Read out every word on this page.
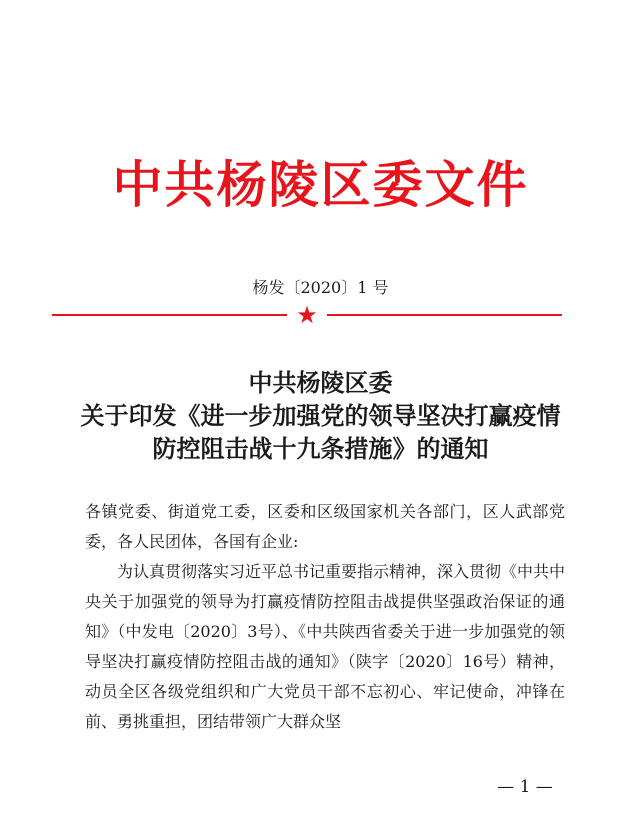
中共杨陵区委文件
杨发〔2020〕1 号
★
中共杨陵区委
关于印发《进一步加强党的领导坚决打赢疫情
防控阻击战十九条措施》的通知

各镇党委、街道党工委，区委和区级国家机关各部门，区人武部党委，各人民团体，各国有企业:

为认真贯彻落实习近平总书记重要指示精神，深入贯彻《中共中央关于加强党的领导为打赢疫情防控阻击战提供坚强政治保证的通知》（中发电〔2020〕3号）、《中共陕西省委关于进一步加强党的领导坚决打赢疫情防控阻击战的通知》（陕字〔2020〕16号）精神，动员全区各级党组织和广大党员干部不忘初心、牢记使命，冲锋在前、勇挑重担，团结带领广大群众坚

— 1 —
